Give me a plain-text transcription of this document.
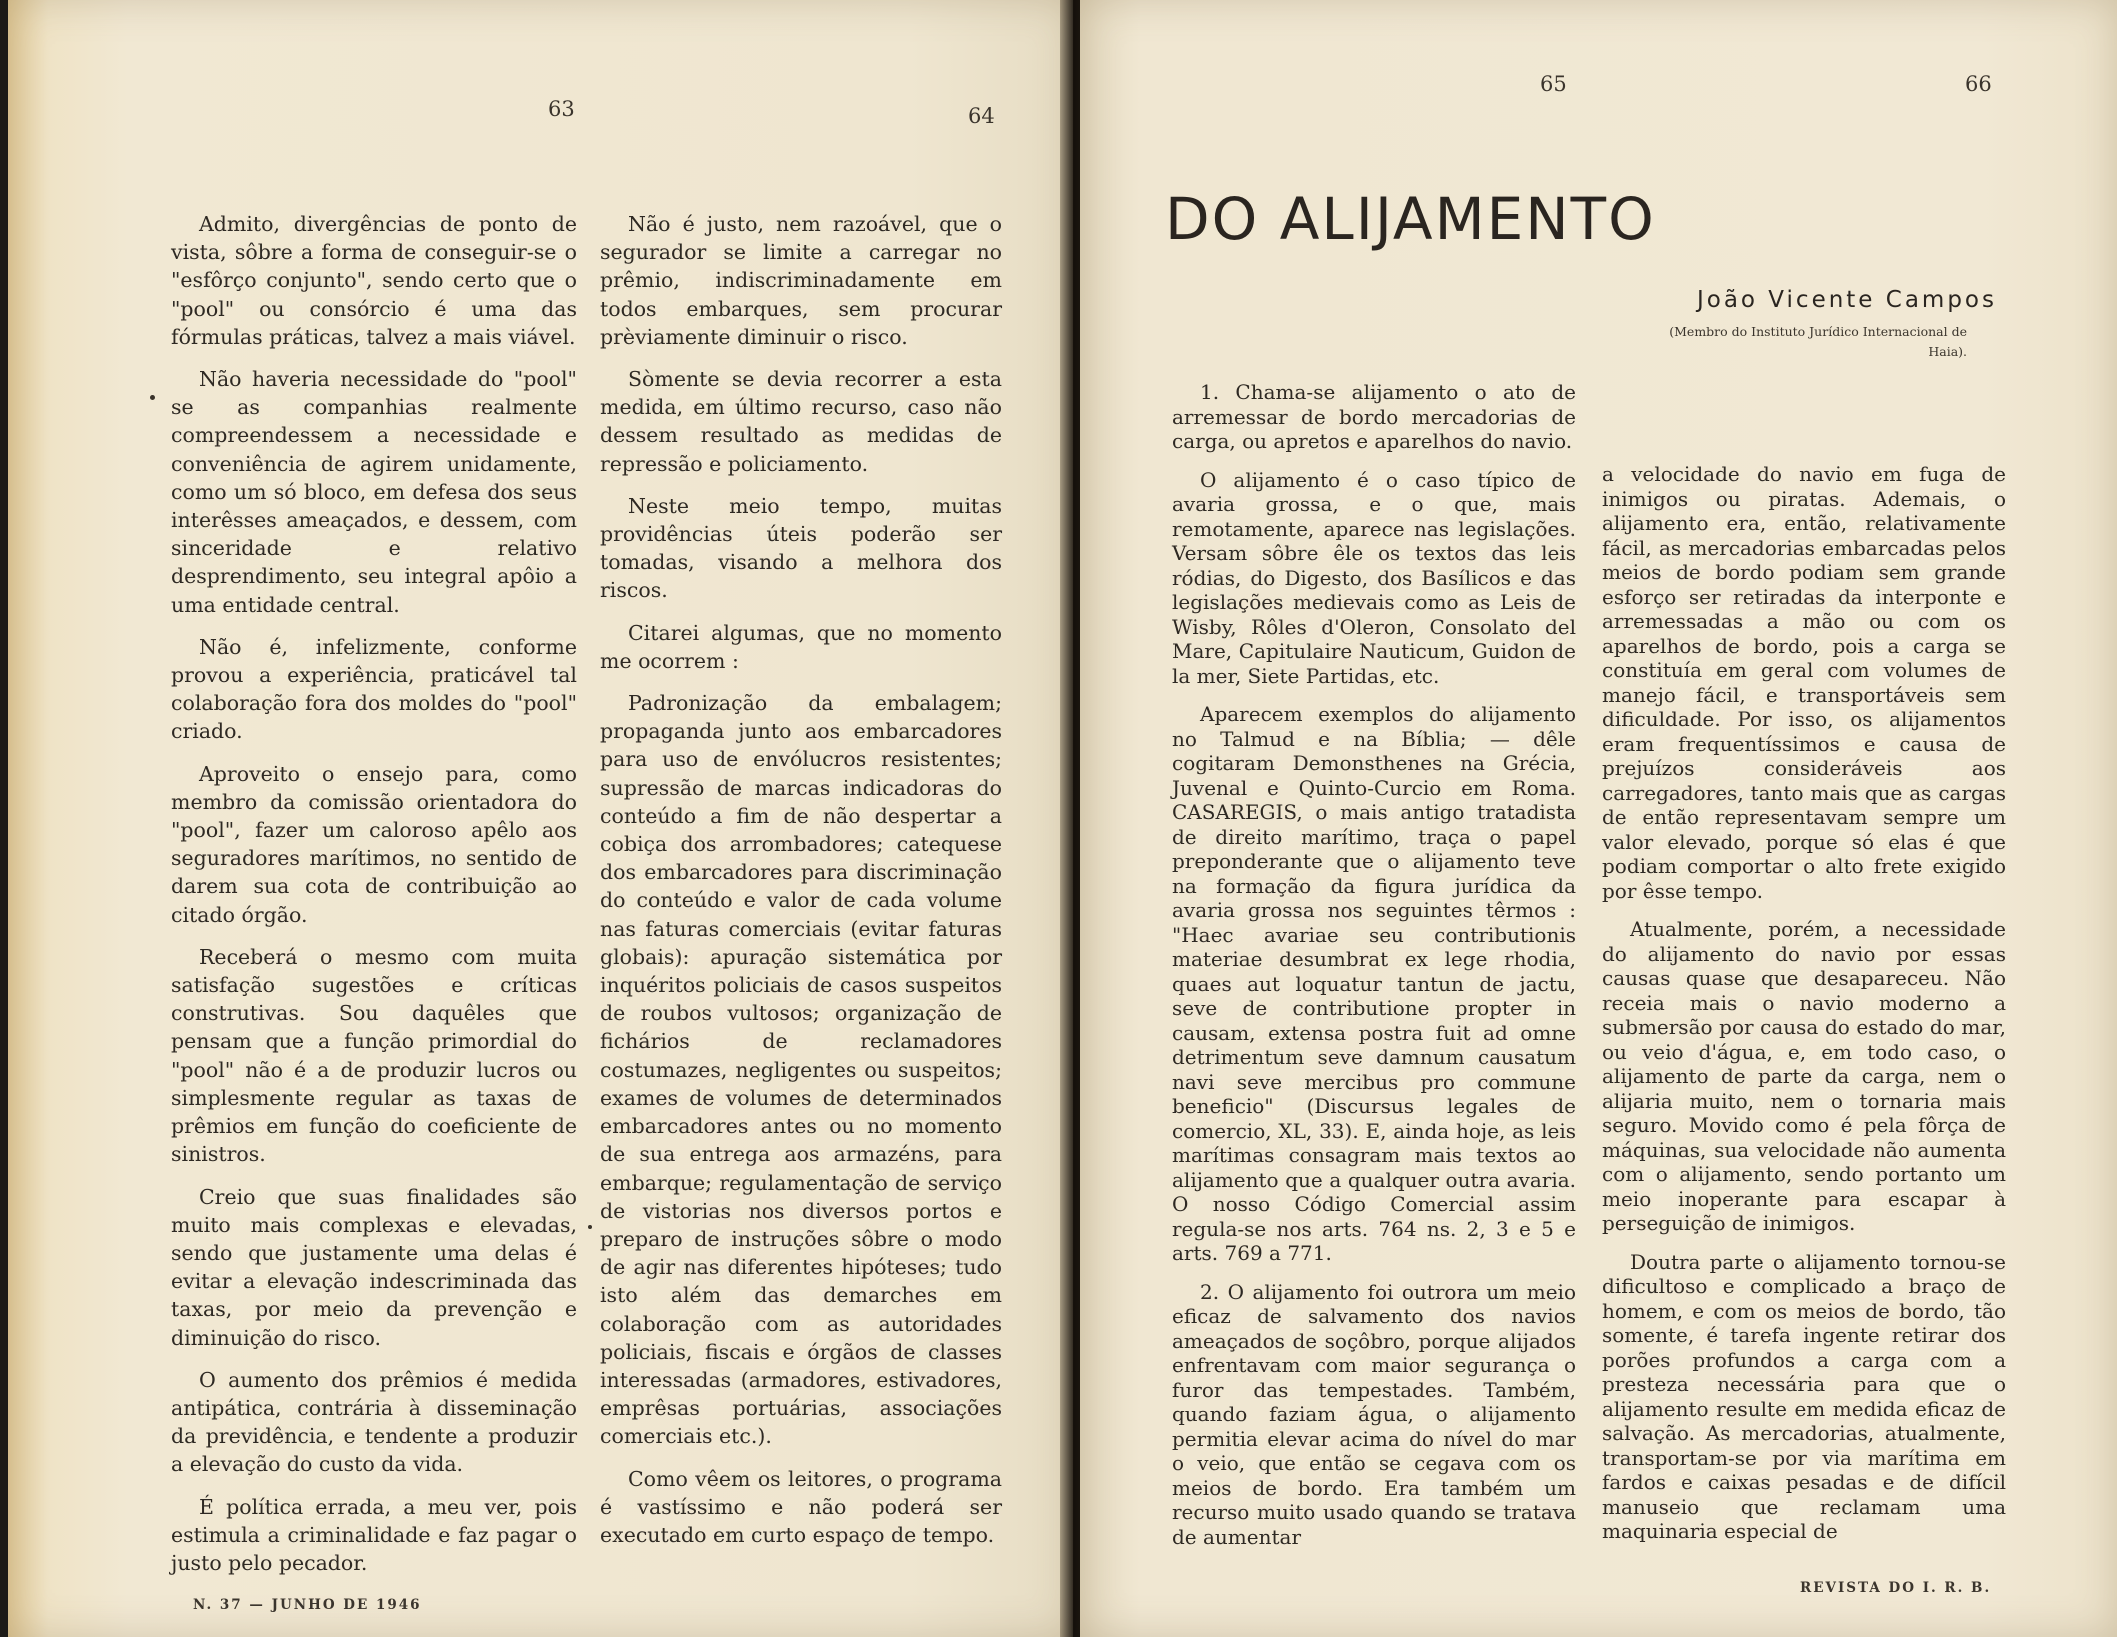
63	64

Admito, divergências de ponto de vista, sôbre a forma de conseguir-se o "esfôrço conjunto", sendo certo que o "pool" ou consórcio é uma das fórmulas práticas, talvez a mais viável.

Não haveria necessidade do "pool" se as companhias realmente compreendessem a necessidade e conveniência de agirem unidamente, como um só bloco, em defesa dos seus interêsses ameaçados, e dessem, com sinceridade e relativo desprendimento, seu integral apôio a uma entidade central.

Não é, infelizmente, conforme provou a experiência, praticável tal colaboração fora dos moldes do "pool" criado.

Aproveito o ensejo para, como membro da comissão orientadora do "pool", fazer um caloroso apêlo aos seguradores marítimos, no sentido de darem sua cota de contribuição ao citado órgão.

Receberá o mesmo com muita satisfação sugestões e críticas construtivas. Sou daquêles que pensam que a função primordial do "pool" não é a de produzir lucros ou simplesmente regular as taxas de prêmios em função do coeficiente de sinistros.

Creio que suas finalidades são muito mais complexas e elevadas, sendo que justamente uma delas é evitar a elevação indescriminada das taxas, por meio da prevenção e diminuição do risco.

O aumento dos prêmios é medida antipática, contrária à disseminação da previdência, e tendente a produzir a elevação do custo da vida.

É política errada, a meu ver, pois estimula a criminalidade e faz pagar o justo pelo pecador.

Não é justo, nem razoável, que o segurador se limite a carregar no prêmio, indiscriminadamente em todos embarques, sem procurar prèviamente diminuir o risco.

Sòmente se devia recorrer a esta medida, em último recurso, caso não dessem resultado as medidas de repressão e policiamento.

Neste meio tempo, muitas providências úteis poderão ser tomadas, visando a melhora dos riscos.

Citarei algumas, que no momento me ocorrem :

Padronização da embalagem; propaganda junto aos embarcadores para uso de envólucros resistentes; supressão de marcas indicadoras do conteúdo a fim de não despertar a cobiça dos arrombadores; catequese dos embarcadores para discriminação do conteúdo e valor de cada volume nas faturas comerciais (evitar faturas globais): apuração sistemática por inquéritos policiais de casos suspeitos de roubos vultosos; organização de fichários de reclamadores costumazes, negligentes ou suspeitos; exames de volumes de determinados embarcadores antes ou no momento de sua entrega aos armazéns, para embarque; regulamentação de serviço de vistorias nos diversos portos e preparo de instruções sôbre o modo de agir nas diferentes hipóteses; tudo isto além das demarches em colaboração com as autoridades policiais, fiscais e órgãos de classes interessadas (armadores, estivadores, emprêsas portuárias, associações comerciais etc.).

Como vêem os leitores, o programa é vastíssimo e não poderá ser executado em curto espaço de tempo.

N. 37 — JUNHO DE 1946
65	66
REVISTA DO I. R. B.
DO ALIJAMENTO
João Vicente Campos
(Membro do Instituto Jurídico Internacional de Haia).

1. Chama-se alijamento o ato de arremessar de bordo mercadorias de carga, ou apretos e aparelhos do navio.

O alijamento é o caso típico de avaria grossa, e o que, mais remotamente, aparece nas legislações. Versam sôbre êle os textos das leis ródias, do Digesto, dos Basílicos e das legislações medievais como as Leis de Wisby, Rôles d'Oleron, Consolato del Mare, Capitulaire Nauticum, Guidon de la mer, Siete Partidas, etc.

Aparecem exemplos do alijamento no Talmud e na Bíblia; — dêle cogitaram Demonsthenes na Grécia, Juvenal e Quinto-Curcio em Roma. CASAREGIS, o mais antigo tratadista de direito marítimo, traça o papel preponderante que o alijamento teve na formação da figura jurídica da avaria grossa nos seguintes têrmos : "Haec avariae seu contributionis materiae desumbrat ex lege rhodia, quaes aut loquatur tantun de jactu, seve de contributione propter in causam, extensa postra fuit ad omne detrimentum seve damnum causatum navi seve mercibus pro commune beneficio" (Discursus legales de comercio, XL, 33). E, ainda hoje, as leis marítimas consagram mais textos ao alijamento que a qualquer outra avaria. O nosso Código Comercial assim regula-se nos arts. 764 ns. 2, 3 e 5 e arts. 769 a 771.

2. O alijamento foi outrora um meio eficaz de salvamento dos navios ameaçados de soçôbro, porque alijados enfrentavam com maior segurança o furor das tempestades. Também, quando faziam água, o alijamento permitia elevar acima do nível do mar o veio, que então se cegava com os meios de bordo. Era também um recurso muito usado quando se tratava de aumentar

a velocidade do navio em fuga de inimigos ou piratas. Ademais, o alijamento era, então, relativamente fácil, as mercadorias embarcadas pelos meios de bordo podiam sem grande esforço ser retiradas da interponte e arremessadas a mão ou com os aparelhos de bordo, pois a carga se constituía em geral com volumes de manejo fácil, e transportáveis sem dificuldade. Por isso, os alijamentos eram frequentíssimos e causa de prejuízos consideráveis aos carregadores, tanto mais que as cargas de então representavam sempre um valor elevado, porque só elas é que podiam comportar o alto frete exigido por êsse tempo.

Atualmente, porém, a necessidade do alijamento do navio por essas causas quase que desapareceu. Não receia mais o navio moderno a submersão por causa do estado do mar, ou veio d'água, e, em todo caso, o alijamento de parte da carga, nem o alijaria muito, nem o tornaria mais seguro. Movido como é pela fôrça de máquinas, sua velocidade não aumenta com o alijamento, sendo portanto um meio inoperante para escapar à perseguição de inimigos.

Doutra parte o alijamento tornou-se dificultoso e complicado a braço de homem, e com os meios de bordo, tão somente, é tarefa ingente retirar dos porões profundos a carga com a presteza necessária para que o alijamento resulte em medida eficaz de salvação. As mercadorias, atualmente, transportam-se por via marítima em fardos e caixas pesadas e de difícil manuseio que reclamam uma maquinaria especial de
